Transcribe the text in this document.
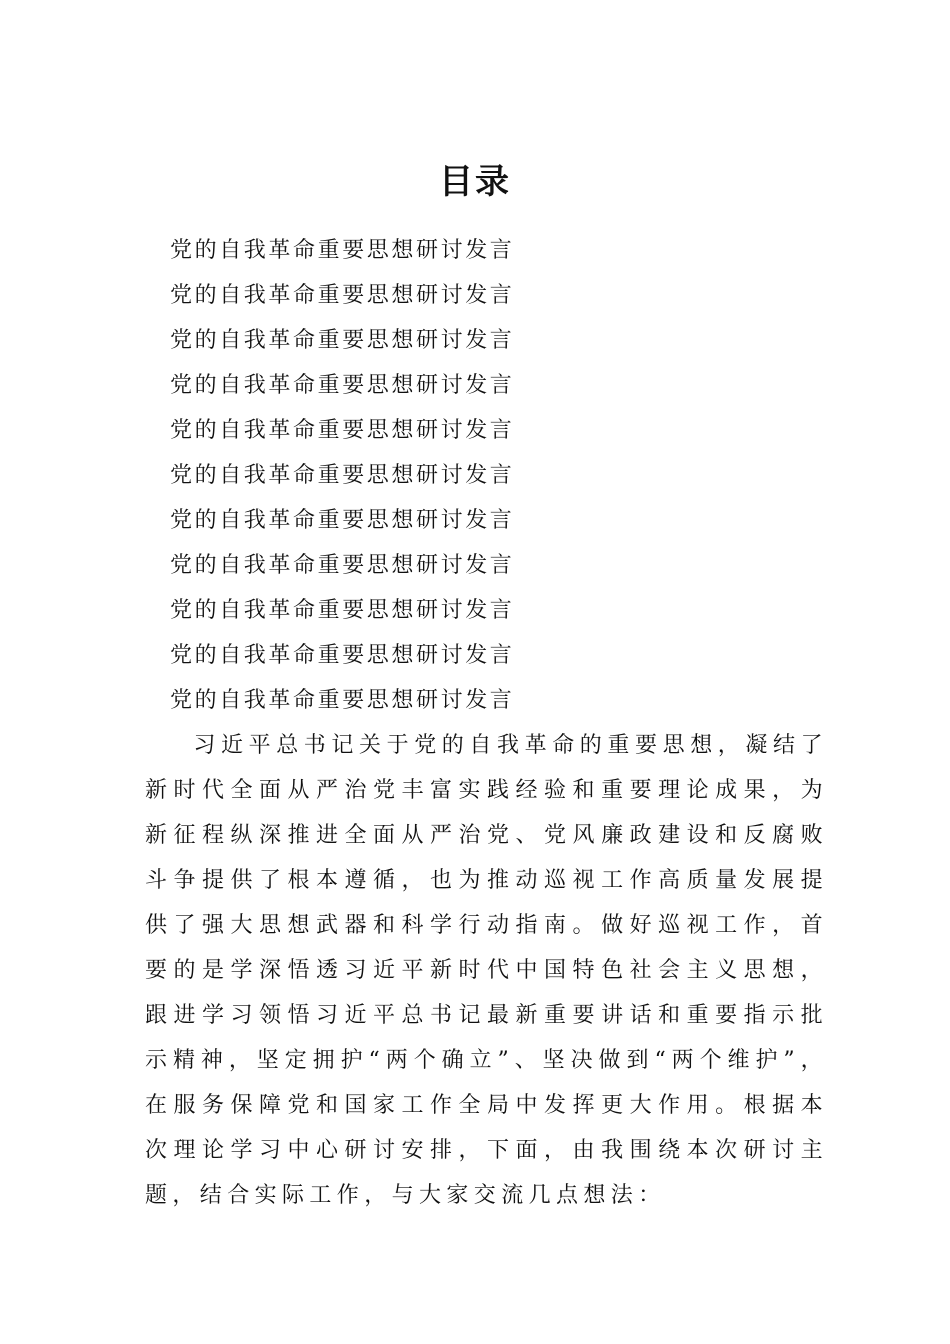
目录
党的自我革命重要思想研讨发言
党的自我革命重要思想研讨发言
党的自我革命重要思想研讨发言
党的自我革命重要思想研讨发言
党的自我革命重要思想研讨发言
党的自我革命重要思想研讨发言
党的自我革命重要思想研讨发言
党的自我革命重要思想研讨发言
党的自我革命重要思想研讨发言
党的自我革命重要思想研讨发言
党的自我革命重要思想研讨发言

习近平总书记关于党的自我革命的重要思想，凝结了新时代全面从严治党丰富实践经验和重要理论成果，为新征程纵深推进全面从严治党、党风廉政建设和反腐败斗争提供了根本遵循，也为推动巡视工作高质量发展提供了强大思想武器和科学行动指南。做好巡视工作，首要的是学深悟透习近平新时代中国特色社会主义思想，跟进学习领悟习近平总书记最新重要讲话和重要指示批示精神，坚定拥护“两个确立”、坚决做到“两个维护”，在服务保障党和国家工作全局中发挥更大作用。根据本次理论学习中心研讨安排，下面，由我围绕本次研讨主题，结合实际工作，与大家交流几点想法：
